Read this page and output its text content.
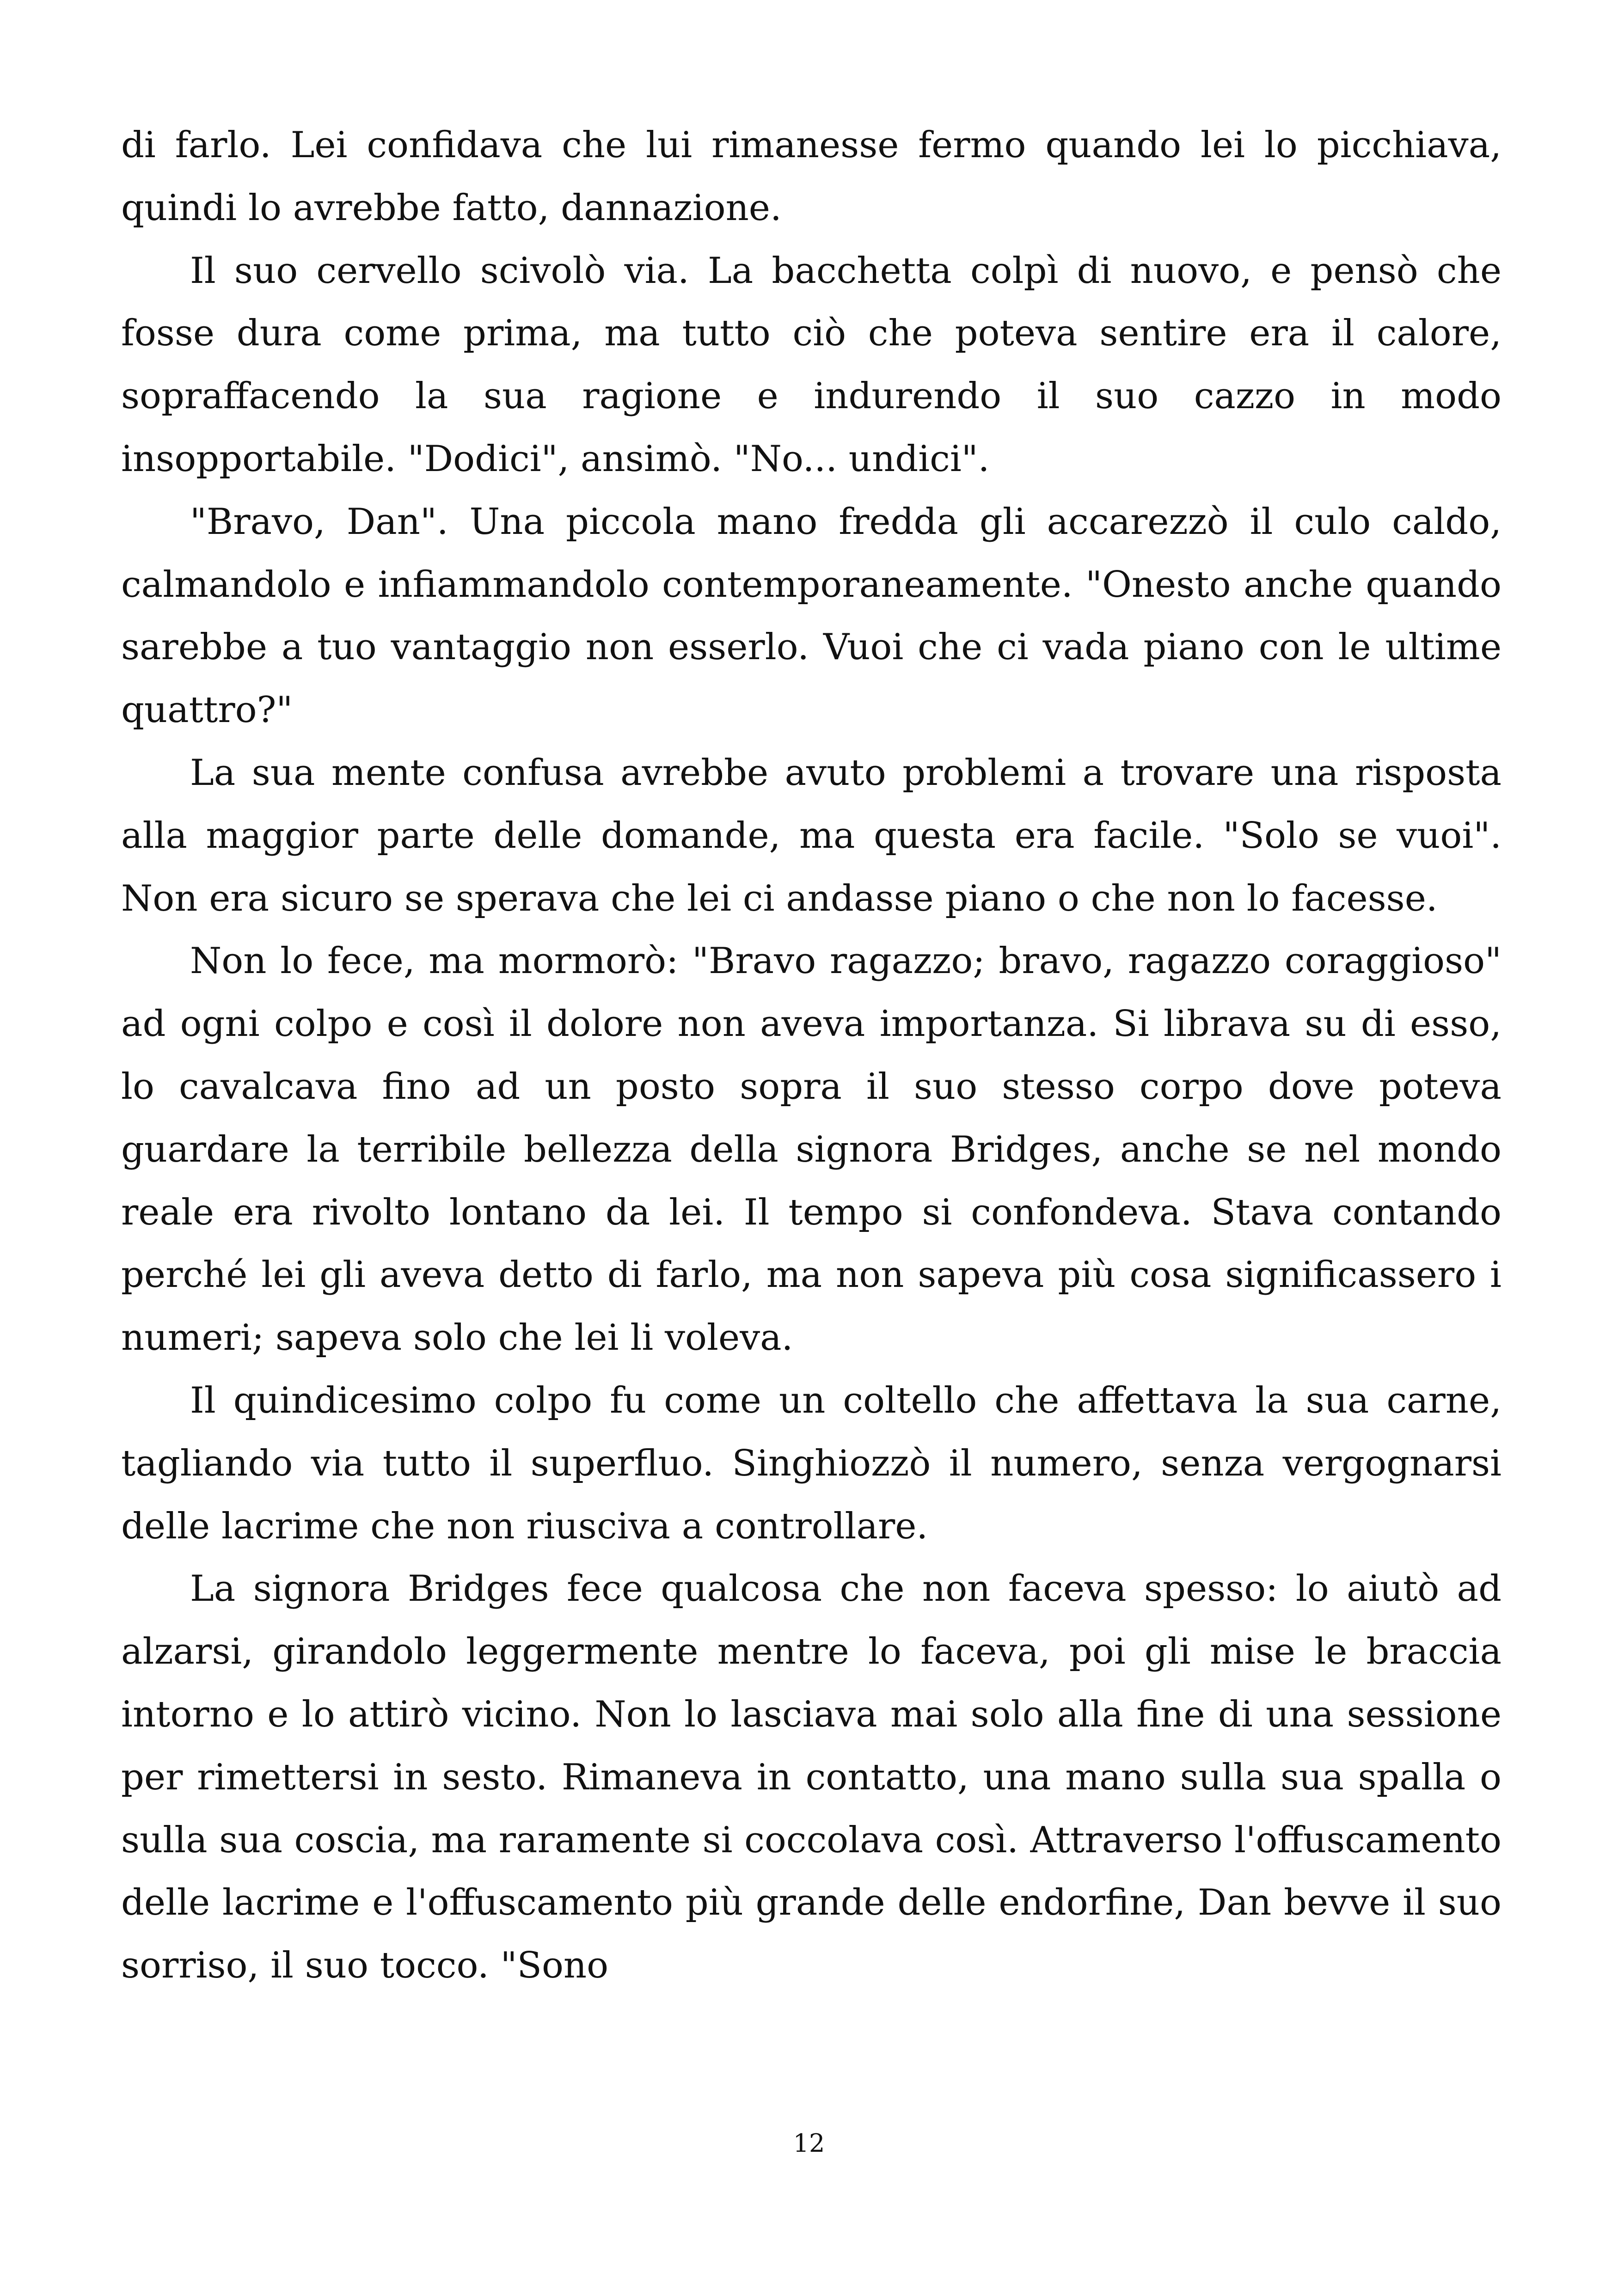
di farlo. Lei confidava che lui rimanesse fermo quando lei lo picchiava, quindi lo avrebbe fatto, dannazione.

Il suo cervello scivolò via. La bacchetta colpì di nuovo, e pensò che fosse dura come prima, ma tutto ciò che poteva sentire era il calore, sopraffacendo la sua ragione e indurendo il suo cazzo in modo insopportabile. "Dodici", ansimò. "No... undici".

"Bravo, Dan". Una piccola mano fredda gli accarezzò il culo caldo, calmandolo e infiammandolo contemporaneamente. "Onesto anche quando sarebbe a tuo vantaggio non esserlo. Vuoi che ci vada piano con le ultime quattro?"

La sua mente confusa avrebbe avuto problemi a trovare una risposta alla maggior parte delle domande, ma questa era facile. "Solo se vuoi". Non era sicuro se sperava che lei ci andasse piano o che non lo facesse.

Non lo fece, ma mormorò: "Bravo ragazzo; bravo, ragazzo coraggioso" ad ogni colpo e così il dolore non aveva importanza. Si librava su di esso, lo cavalcava fino ad un posto sopra il suo stesso corpo dove poteva guardare la terribile bellezza della signora Bridges, anche se nel mondo reale era rivolto lontano da lei. Il tempo si confondeva. Stava contando perché lei gli aveva detto di farlo, ma non sapeva più cosa significassero i numeri; sapeva solo che lei li voleva.

Il quindicesimo colpo fu come un coltello che affettava la sua carne, tagliando via tutto il superfluo. Singhiozzò il numero, senza vergognarsi delle lacrime che non riusciva a controllare.

La signora Bridges fece qualcosa che non faceva spesso: lo aiutò ad alzarsi, girandolo leggermente mentre lo faceva, poi gli mise le braccia intorno e lo attirò vicino. Non lo lasciava mai solo alla fine di una sessione per rimettersi in sesto. Rimaneva in contatto, una mano sulla sua spalla o sulla sua coscia, ma raramente si coccolava così. Attraverso l'offuscamento delle lacrime e l'offuscamento più grande delle endorfine, Dan bevve il suo sorriso, il suo tocco. "Sono

12
